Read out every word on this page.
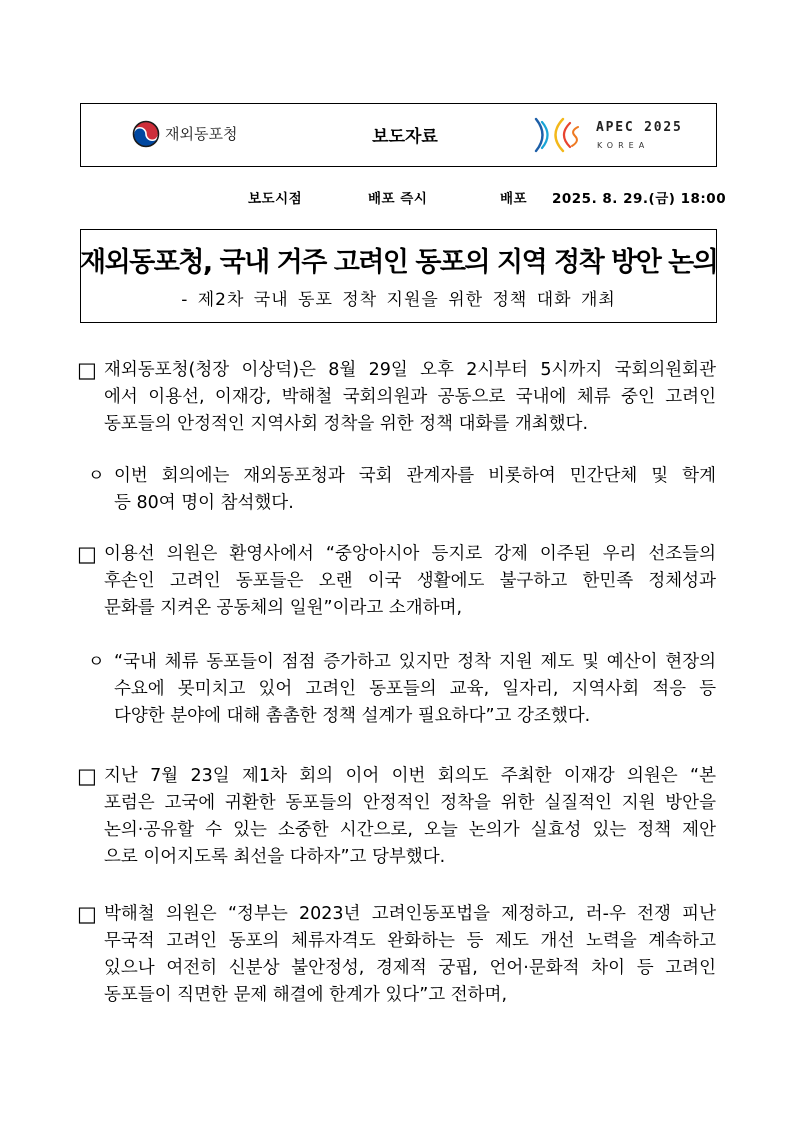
재외동포청	보도자료	APEC 2025
KOREA
보도시점	배포 즉시	배포 2025. 8. 29.(금) 18:00
재외동포청, 국내 거주 고려인 동포의 지역 정착 방안 논의
- 제2차 국내 동포 정착 지원을 위한 정책 대화 개최
□ 재외동포청(청장 이상덕)은 8월 29일 오후 2시부터 5시까지 국회의원회관
에서 이용선, 이재강, 박해철 국회의원과 공동으로 국내에 체류 중인 고려인
동포들의 안정적인 지역사회 정착을 위한 정책 대화를 개최했다.
ㅇ 이번 회의에는 재외동포청과 국회 관계자를 비롯하여 민간단체 및 학계
등 80여 명이 참석했다.
□ 이용선 의원은 환영사에서 “중앙아시아 등지로 강제 이주된 우리 선조들의
후손인 고려인 동포들은 오랜 이국 생활에도 불구하고 한민족 정체성과
문화를 지켜온 공동체의 일원”이라고 소개하며,
ㅇ “국내 체류 동포들이 점점 증가하고 있지만 정착 지원 제도 및 예산이 현장의
수요에 못미치고 있어 고려인 동포들의 교육, 일자리, 지역사회 적응 등
다양한 분야에 대해 촘촘한 정책 설계가 필요하다”고 강조했다.
□ 지난 7월 23일 제1차 회의 이어 이번 회의도 주최한 이재강 의원은 “본
포럼은 고국에 귀환한 동포들의 안정적인 정착을 위한 실질적인 지원 방안을
논의·공유할 수 있는 소중한 시간으로, 오늘 논의가 실효성 있는 정책 제안
으로 이어지도록 최선을 다하자”고 당부했다.
□ 박해철 의원은 “정부는 2023년 고려인동포법을 제정하고, 러-우 전쟁 피난
무국적 고려인 동포의 체류자격도 완화하는 등 제도 개선 노력을 계속하고
있으나 여전히 신분상 불안정성, 경제적 궁핍, 언어·문화적 차이 등 고려인
동포들이 직면한 문제 해결에 한계가 있다”고 전하며,
